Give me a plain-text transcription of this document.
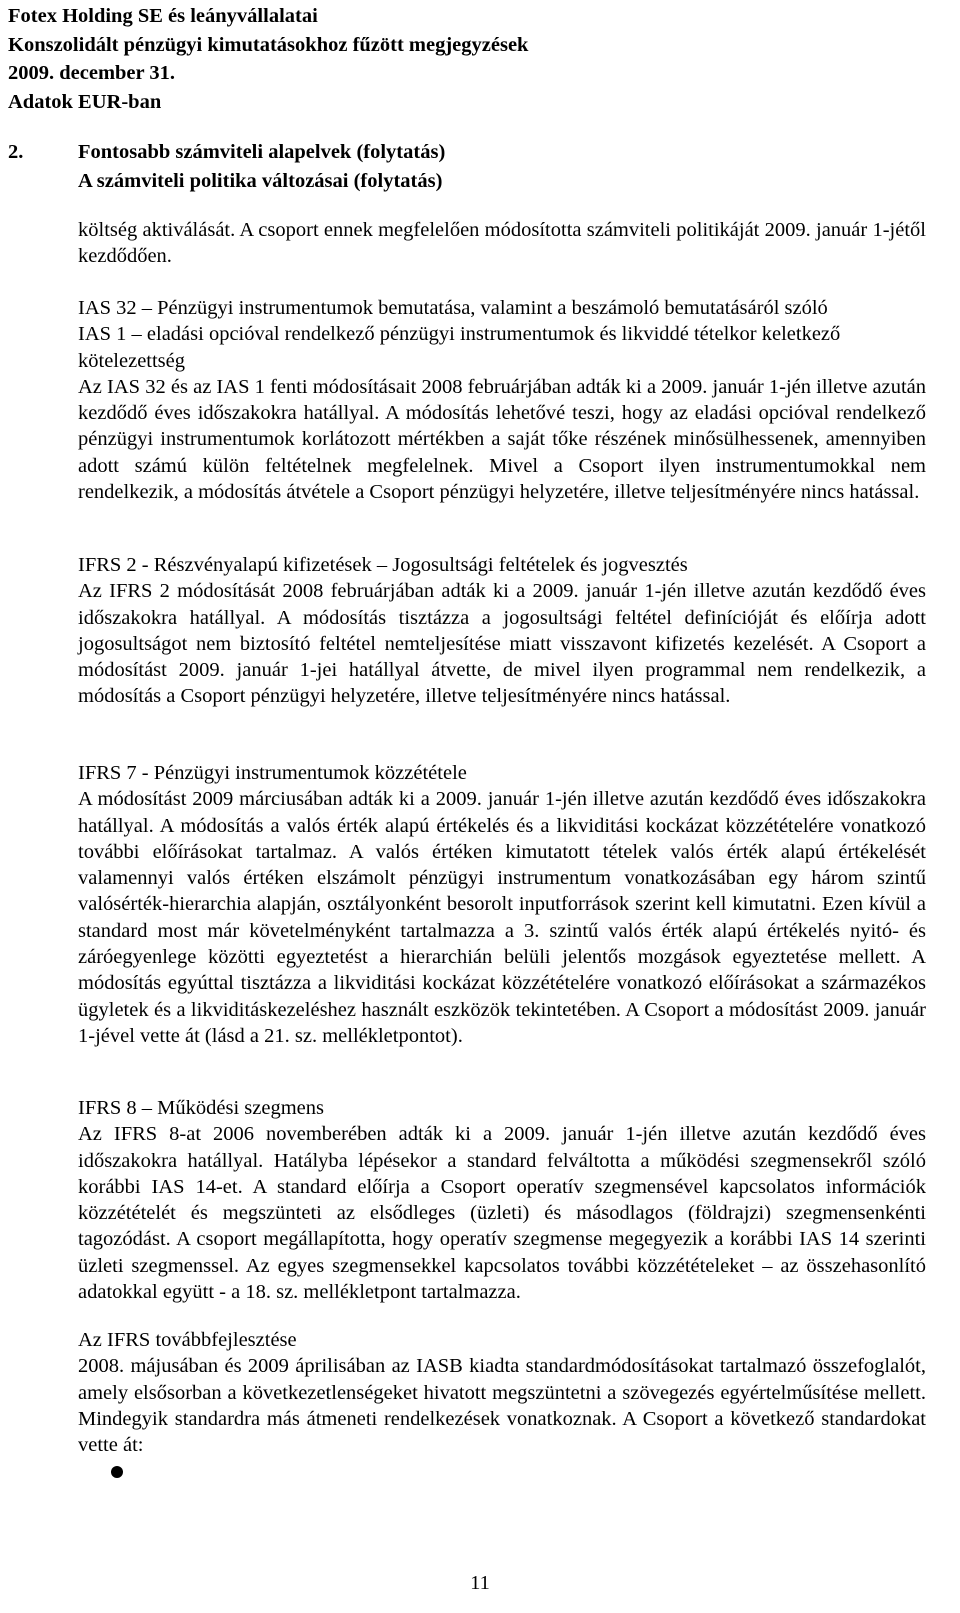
Fotex Holding SE és leányvállalatai
Konszolidált pénzügyi kimutatásokhoz fűzött megjegyzések
2009. december 31.
Adatok EUR-ban
2.	Fontosabb számviteli alapelvek (folytatás)
A számviteli politika változásai (folytatás)

költség aktiválását. A csoport ennek megfelelően módosította számviteli politikáját 2009. január 1-jétől kezdődően.

IAS 32 – Pénzügyi instrumentumok bemutatása, valamint a beszámoló bemutatásáról szóló

IAS 1 – eladási opcióval rendelkező pénzügyi instrumentumok és likviddé tételkor keletkező

kötelezettség

Az IAS 32 és az IAS 1 fenti módosításait 2008 februárjában adták ki a 2009. január 1-jén illetve azután kezdődő éves időszakokra hatállyal. A módosítás lehetővé teszi, hogy az eladási opcióval rendelkező pénzügyi instrumentumok korlátozott mértékben a saját tőke részének minősülhessenek, amennyiben adott számú külön feltételnek megfelelnek. Mivel a Csoport ilyen instrumentumokkal nem rendelkezik, a módosítás átvétele a Csoport pénzügyi helyzetére, illetve teljesítményére nincs hatással.

IFRS 2 - Részvényalapú kifizetések – Jogosultsági feltételek és jogvesztés

Az IFRS 2 módosítását 2008 februárjában adták ki a 2009. január 1-jén illetve azután kezdődő éves időszakokra hatállyal. A módosítás tisztázza a jogosultsági feltétel definícióját és előírja adott jogosultságot nem biztosító feltétel nemteljesítése miatt visszavont kifizetés kezelését. A Csoport a módosítást 2009. január 1-jei hatállyal átvette, de mivel ilyen programmal nem rendelkezik, a módosítás a Csoport pénzügyi helyzetére, illetve teljesítményére nincs hatással.

IFRS 7 - Pénzügyi instrumentumok közzététele

A módosítást 2009 márciusában adták ki a 2009. január 1-jén illetve azután kezdődő éves időszakokra hatállyal. A módosítás a valós érték alapú értékelés és a likviditási kockázat közzétételére vonatkozó további előírásokat tartalmaz. A valós értéken kimutatott tételek valós érték alapú értékelését valamennyi valós értéken elszámolt pénzügyi instrumentum vonatkozásában egy három szintű valósérték-hierarchia alapján, osztályonként besorolt inputforrások szerint kell kimutatni. Ezen kívül a standard most már követelményként tartalmazza a 3. szintű valós érték alapú értékelés nyitó- és záróegyenlege közötti egyeztetést a hierarchián belüli jelentős mozgások egyeztetése mellett. A módosítás egyúttal tisztázza a likviditási kockázat közzétételére vonatkozó előírásokat a származékos ügyletek és a likviditáskezeléshez használt eszközök tekintetében. A Csoport a módosítást 2009. január 1-jével vette át (lásd a 21. sz. mellékletpontot).

IFRS 8 – Működési szegmens

Az IFRS 8-at 2006 novemberében adták ki a 2009. január 1-jén illetve azután kezdődő éves időszakokra hatállyal. Hatályba lépésekor a standard felváltotta a működési szegmensekről szóló korábbi IAS 14-et. A standard előírja a Csoport operatív szegmensével kapcsolatos információk közzétételét és megszünteti az elsődleges (üzleti) és másodlagos (földrajzi) szegmensenkénti tagozódást. A csoport megállapította, hogy operatív szegmense megegyezik a korábbi IAS 14 szerinti üzleti szegmenssel. Az egyes szegmensekkel kapcsolatos további közzétételeket – az összehasonlító adatokkal együtt - a 18. sz. mellékletpont tartalmazza.

Az IFRS továbbfejlesztése

2008. májusában és 2009 áprilisában az IASB kiadta standardmódosításokat tartalmazó összefoglalót, amely elsősorban a következetlenségeket hivatott megszüntetni a szövegezés egyértelműsítése mellett. Mindegyik standardra más átmeneti rendelkezések vonatkoznak. A Csoport a következő standardokat vette át:

11
